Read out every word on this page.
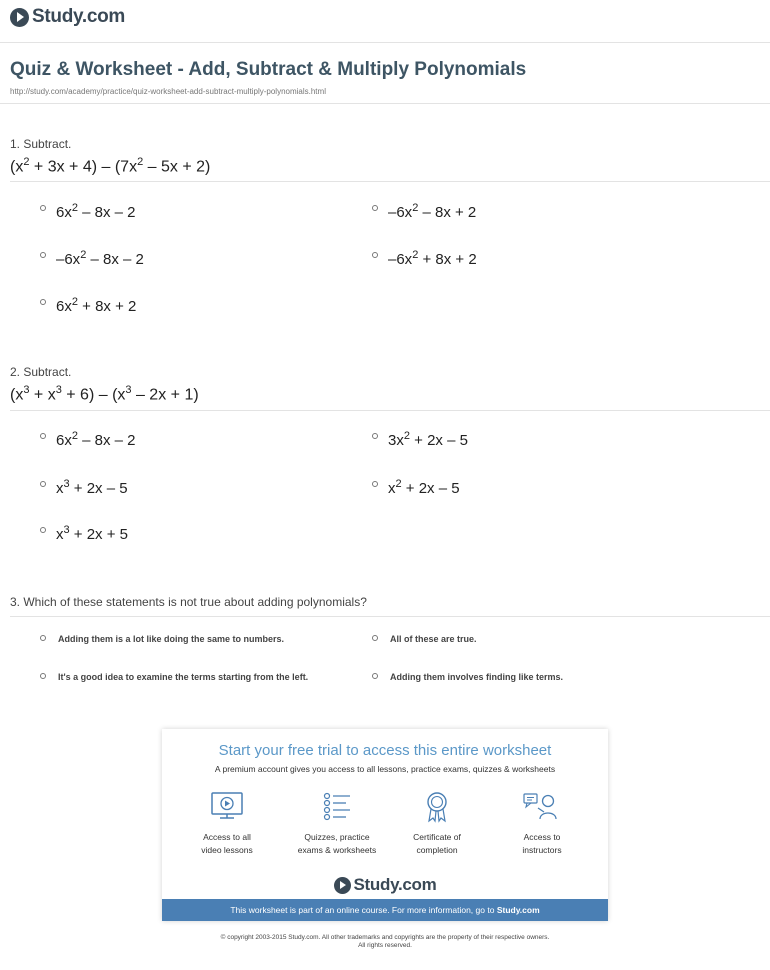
Study.com
Quiz & Worksheet - Add, Subtract & Multiply Polynomials
http://study.com/academy/practice/quiz-worksheet-add-subtract-multiply-polynomials.html
1. Subtract.
$(x^2 + 3x + 4) - (7x^2 - 5x + 2)$
$6x^2 - 8x - 2$	$-6x^2 - 8x + 2$
$-6x^2 - 8x - 2$	$-6x^2 + 8x + 2$
$6x^2 + 8x + 2$
2. Subtract.
$(x^3 + x^3 + 6) - (x^3 - 2x + 1)$
$6x^2 - 8x - 2$	$3x^2 + 2x - 5$
$x^3 + 2x - 5$	$x^2 + 2x - 5$
$x^3 + 2x + 5$
3. Which of these statements is not true about adding polynomials?
Adding them is a lot like doing the same to numbers.	All of these are true.
It's a good idea to examine the terms starting from the left.	Adding them involves finding like terms.
Start your free trial to access this entire worksheet
A premium account gives you access to all lessons, practice exams, quizzes & worksheets
Access to all
video lessons
Quizzes, practice
exams & worksheets
Certificate of
completion
Access to
instructors
Study.com
This worksheet is part of an online course. For more information, go to Study.com
© copyright 2003-2015 Study.com. All other trademarks and copyrights are the property of their respective owners.
All rights reserved.
